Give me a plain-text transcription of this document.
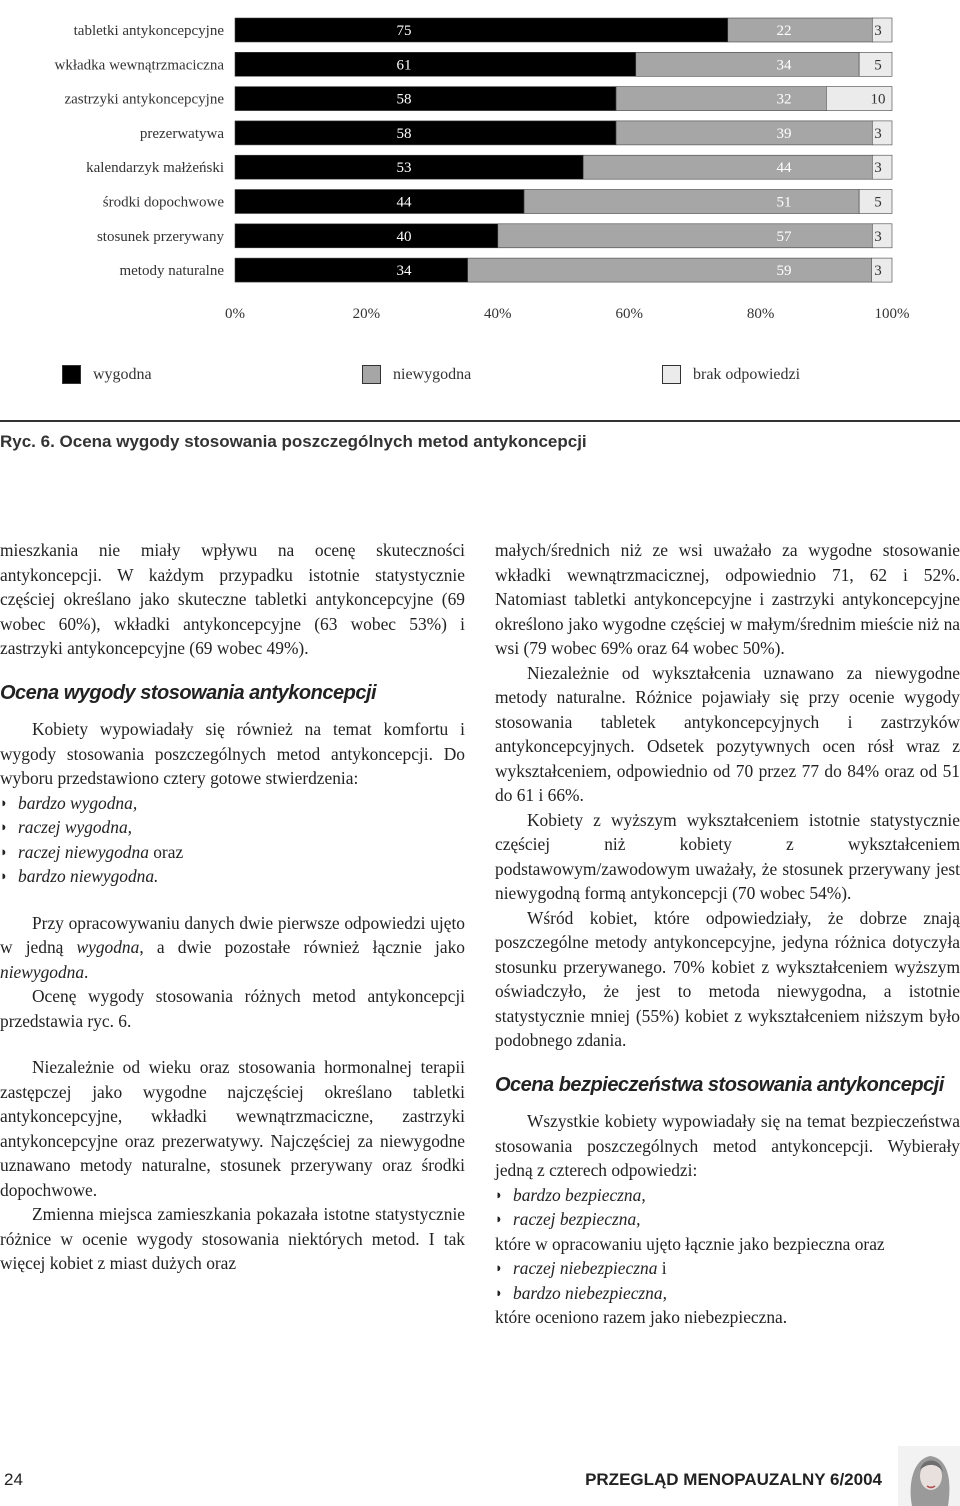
tabletki antykoncepcyjne	75	22	3
wkładka wewnątrzmaciczna	61	34	5
zastrzyki antykoncepcyjne	58	32	10
prezerwatywa	58	39	3
kalendarzyk małżeński	53	44	3
środki dopochwowe	44	51	5
stosunek przerywany	40	57	3
metody naturalne	34	59	3
0%	20%	40%	60%	80%	100%
wygodna	niewygodna	brak odpowiedzi
Ryc. 6. Ocena wygody stosowania poszczególnych metod antykoncepcji

mieszkania nie miały wpływu na ocenę skuteczności antykoncepcji. W każdym przypadku istotnie statystycznie częściej określano jako skuteczne tabletki antykoncepcyjne (69 wobec 60%), wkładki antykoncepcyjne (63 wobec 53%) i zastrzyki antykoncepcyjne (69 wobec 49%).

Ocena wygody stosowania antykoncepcji

Kobiety wypowiadały się również na temat komfortu i wygody stosowania poszczególnych metod antykoncepcji. Do wyboru przedstawiono cztery gotowe stwierdzenia:

◗ bardzo wygodna,
◗ raczej wygodna,
◗ raczej niewygodna oraz
◗ bardzo niewygodna.

Przy opracowywaniu danych dwie pierwsze odpowiedzi ujęto w jedną wygodna, a dwie pozostałe również łącznie jako niewygodna.

Ocenę wygody stosowania różnych metod antykoncepcji przedstawia ryc. 6.

Niezależnie od wieku oraz stosowania hormonalnej terapii zastępczej jako wygodne najczęściej określano tabletki antykoncepcyjne, wkładki wewnątrzmaciczne, zastrzyki antykoncepcyjne oraz prezerwatywy. Najczęściej za niewygodne uznawano metody naturalne, stosunek przerywany oraz środki dopochwowe.

Zmienna miejsca zamieszkania pokazała istotne statystycznie różnice w ocenie wygody stosowania niektórych metod. I tak więcej kobiet z miast dużych oraz

małych/średnich niż ze wsi uważało za wygodne stosowanie wkładki wewnątrzmacicznej, odpowiednio 71, 62 i 52%. Natomiast tabletki antykoncepcyjne i zastrzyki antykoncepcyjne określono jako wygodne częściej w małym/średnim mieście niż na wsi (79 wobec 69% oraz 64 wobec 50%).

Niezależnie od wykształcenia uznawano za niewygodne metody naturalne. Różnice pojawiały się przy ocenie wygody stosowania tabletek antykoncepcyjnych i zastrzyków antykoncepcyjnych. Odsetek pozytywnych ocen rósł wraz z wykształceniem, odpowiednio od 70 przez 77 do 84% oraz od 51 do 61 i 66%.

Kobiety z wyższym wykształceniem istotnie statystycznie częściej niż kobiety z wykształceniem podstawowym/zawodowym uważały, że stosunek przerywany jest niewygodną formą antykoncepcji (70 wobec 54%).

Wśród kobiet, które odpowiedziały, że dobrze znają poszczególne metody antykoncepcyjne, jedyna różnica dotyczyła stosunku przerywanego. 70% kobiet z wykształceniem wyższym oświadczyło, że jest to metoda niewygodna, a istotnie statystycznie mniej (55%) kobiet z wykształceniem niższym było podobnego zdania.

Ocena bezpieczeństwa stosowania antykoncepcji

Wszystkie kobiety wypowiadały się na temat bezpieczeństwa stosowania poszczególnych metod antykoncepcji. Wybierały jedną z czterech odpowiedzi:

◗ bardzo bezpieczna,
◗ raczej bezpieczna,

które w opracowaniu ujęto łącznie jako bezpieczna oraz

◗ raczej niebezpieczna i
◗ bardzo niebezpieczna,

które oceniono razem jako niebezpieczna.

24	PRZEGLĄD MENOPAUZALNY 6/2004
